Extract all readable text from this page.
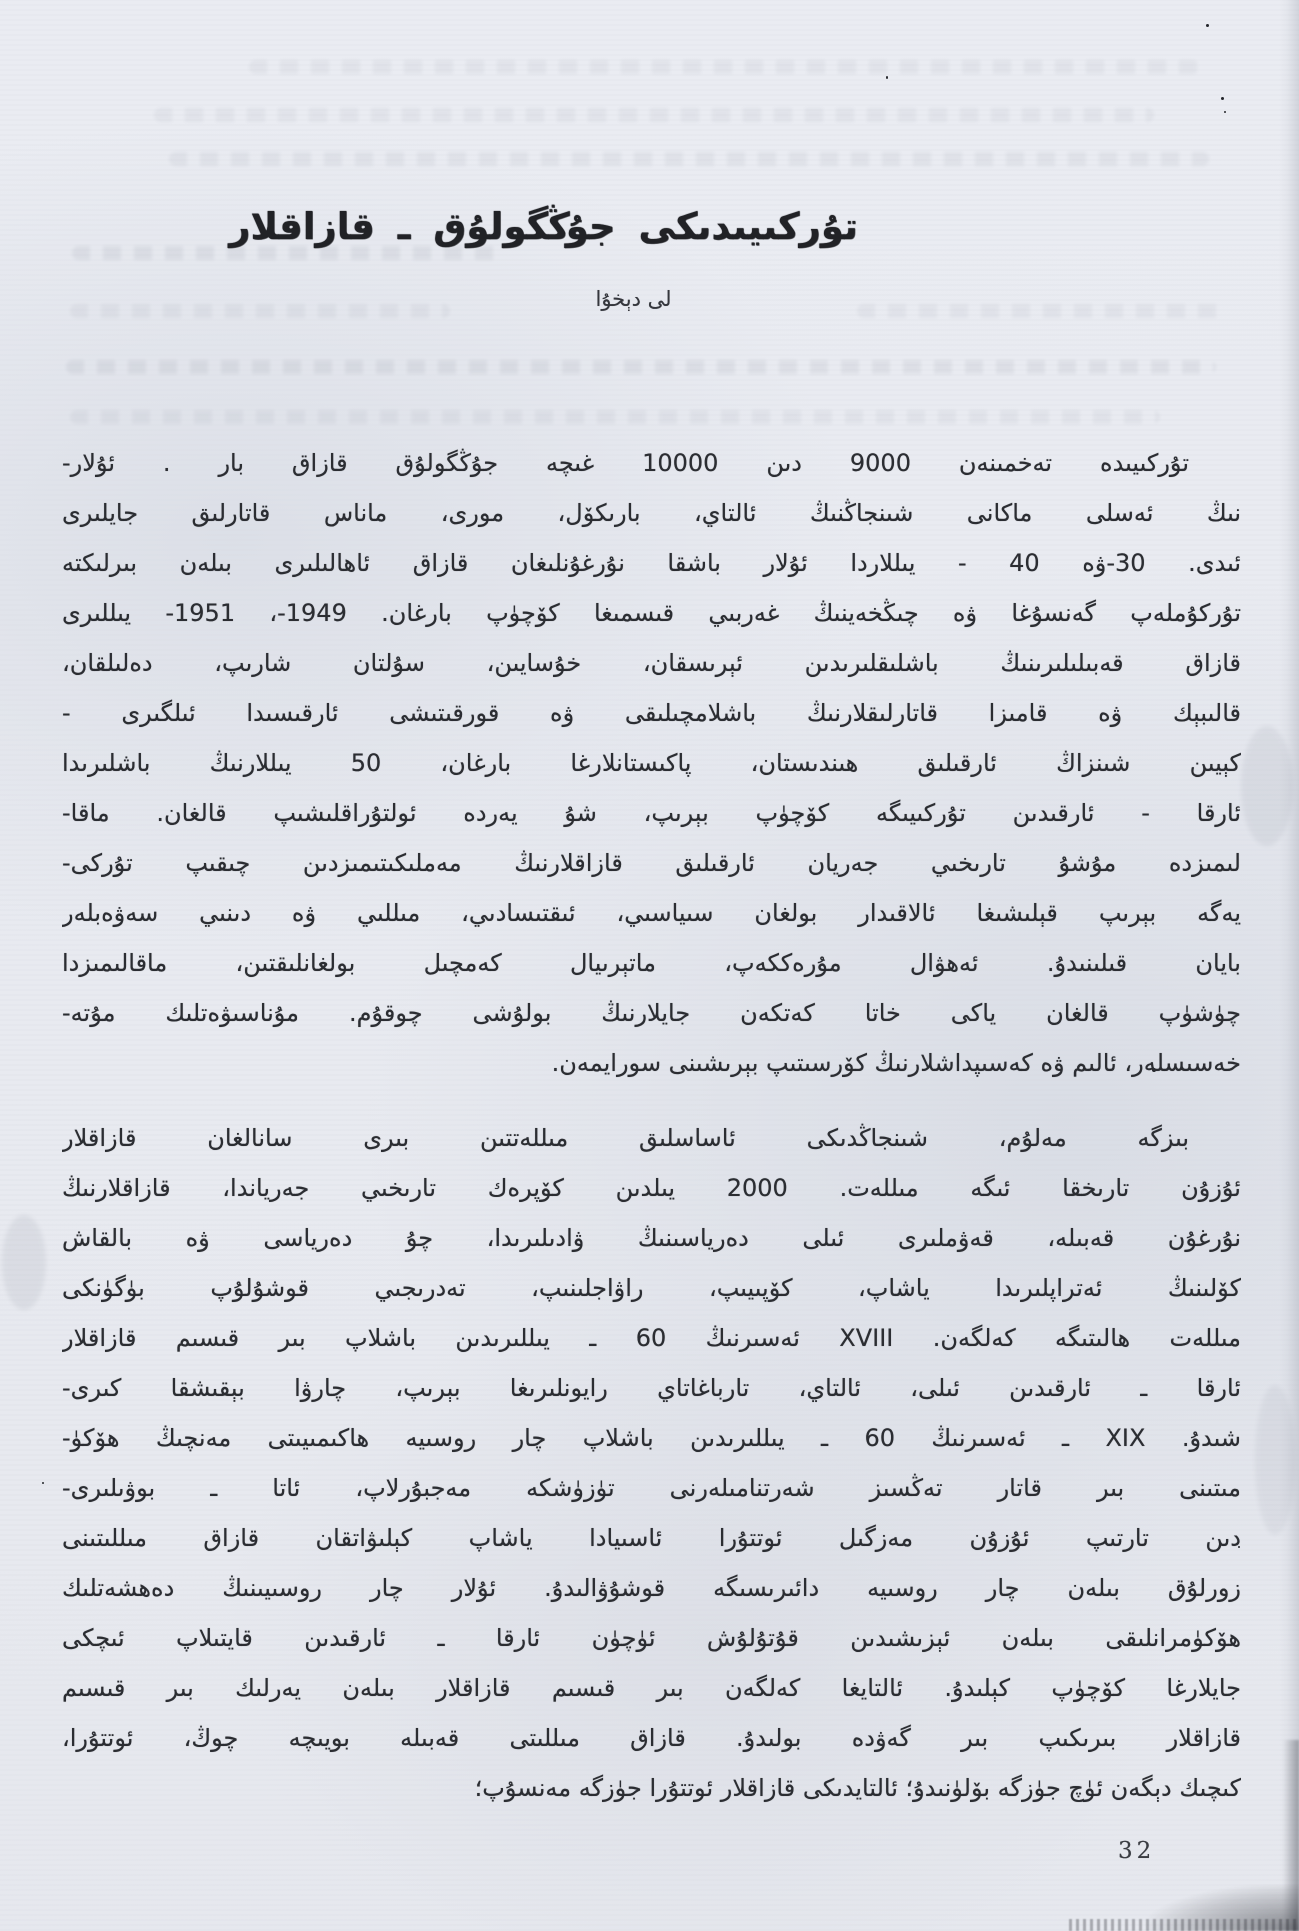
تۇركىيىدىكى جۇڭگولۇق ـ قازاقلار
لى دېخۇا
تۇركىيىدە تەخمىنەن 9000 دىن 10000 غىچە جۇڭگولۇق قازاق بار . ئۇلار-
نىڭ ئەسلى ماكانى شىنجاڭنىڭ ئالتاي، بارىكۆل، مورى، ماناس قاتارلىق جايلىرى
ئىدى. 30-ۋە 40 - يىللاردا ئۇلار باشقا نۇرغۇنلىغان قازاق ئاھالىلىرى بىلەن بىرلىكتە
تۇركۇملەپ گەنسۇغا ۋە چىڭخەينىڭ غەربىي قىسمىغا كۆچۈپ بارغان. 1949-، 1951- يىللىرى
قازاق قەبىلىلىرىنىڭ باشلىقلىرىدىن ئېرىسقان، خۇسايىن، سۇلتان شارىپ، دەلىلقان،
قالىبېك ۋە قامىزا قاتارلىقلارنىڭ باشلامچىلىقى ۋە قورقىتىشى ئارقىسىدا ئىلگىرى -
كېيىن شىنزاڭ ئارقىلىق ھىندىستان، پاكىستانلارغا بارغان، 50 يىللارنىڭ باشلىرىدا
ئارقا - ئارقىدىن تۇركىيىگە كۆچۈپ بېرىپ، شۇ يەردە ئولتۇراقلىشىپ قالغان. ماقا-
لىمىزدە مۇشۇ تارىخىي جەريان ئارقىلىق قازاقلارنىڭ مەملىكىتىمىزدىن چىقىپ تۇركى-
يەگە بېرىپ قېلىشىغا ئالاقىدار بولغان سىياسىي، ئىقتىسادىي، مىللىي ۋە دىنىي سەۋەبلەر
بايان قىلىنىدۇ. ئەھۋال مۇرەككەپ، ماتېرىيال كەمچىل بولغانلىقتىن، ماقالىمىزدا
چۈشۈپ قالغان ياكى خاتا كەتكەن جايلارنىڭ بولۇشى چوقۇم. مۇناسىۋەتلىك مۇتە-
خەسىسلەر، ئالىم ۋە كەسىپداشلارنىڭ كۆرسىتىپ بېرىشىنى سورايمەن.
بىزگە مەلۇم، شىنجاڭدىكى ئاساسلىق مىللەتتىن بىرى سانالغان قازاقلار
ئۇزۇن تارىخقا ئىگە مىللەت. 2000 يىلدىن كۆپرەك تارىخىي جەرياندا، قازاقلارنىڭ
نۇرغۇن قەبىلە، قەۋملىرى ئىلى دەرياسىنىڭ ۋادىلىرىدا، چۇ دەرياسى ۋە بالقاش
كۆلىنىڭ ئەتراپلىرىدا ياشاپ، كۆپىيىپ، راۋاجلىنىپ، تەدرىجىي قوشۇلۇپ بۈگۈنكى
مىللەت ھالىتىگە كەلگەن. XVIII ئەسىرنىڭ 60 ـ يىللىرىدىن باشلاپ بىر قىسىم قازاقلار
ئارقا ـ ئارقىدىن ئىلى، ئالتاي، تارباغاتاي رايونلىرىغا بېرىپ، چارۋا بېقىشقا كىرى-
شىدۇ. XIX ـ ئەسىرنىڭ 60 ـ يىللىرىدىن باشلاپ چار روسىيە ھاكىمىيىتى مەنچىڭ ھۆكۈ-
مىتىنى بىر قاتار تەڭسىز شەرتنامىلەرنى تۈزۈشكە مەجبۇرلاپ، ئاتا ـ بوۋىلىرى-
دىن تارتىپ ئۇزۇن مەزگىل ئوتتۇرا ئاسىيادا ياشاپ كېلىۋاتقان قازاق مىللىتىنى
زورلۇق بىلەن چار روسىيە دائىرىسىگە قوشۇۋالىدۇ. ئۇلار چار روسىيىنىڭ دەھشەتلىك
ھۆكۈمرانلىقى بىلەن ئېزىشىدىن قۇتۇلۇش ئۈچۈن ئارقا ـ ئارقىدىن قايتىلاپ ئىچكى
جايلارغا كۆچۈپ كېلىدۇ. ئالتايغا كەلگەن بىر قىسىم قازاقلار بىلەن يەرلىك بىر قىسىم
قازاقلار بىرىكىپ بىر گەۋدە بولىدۇ. قازاق مىللىتى قەبىلە بويىچە چوڭ، ئوتتۇرا،
كىچىك دېگەن ئۈچ جۈزگە بۆلۈنىدۇ؛ ئالتايدىكى قازاقلار ئوتتۇرا جۈزگە مەنسۇپ؛
32
